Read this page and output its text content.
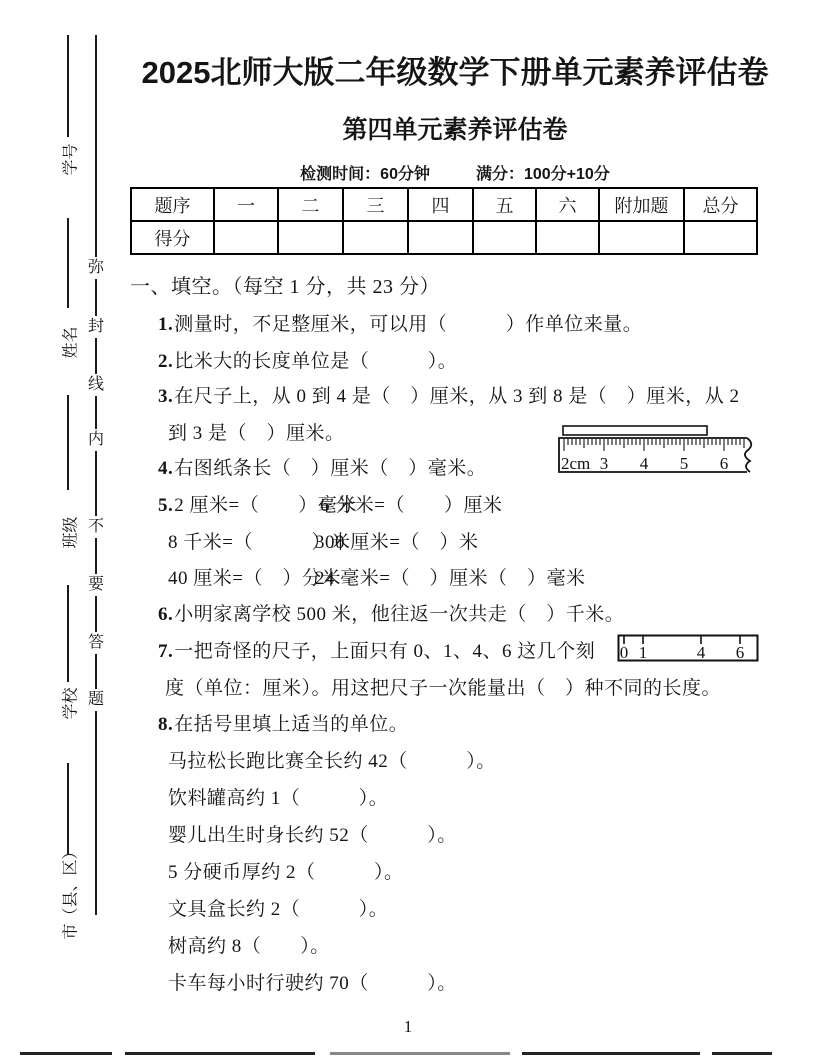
学号
姓名
班级
学校
市（县、区）
弥
封
线
内
不
要
答
题
2025北师大版二年级数学下册单元素养评估卷
第四单元素养评估卷
检测时间：60分钟	满分：100分+10分
题序	一	二	三	四	五	六	附加题	总分
得分								
一、填空。（每空 1 分，共 23 分）
1.测量时，不足整厘米，可以用（　　　）作单位来量。
2.比米大的长度单位是（　　　）。
3.在尺子上，从 0 到 4 是（　）厘米，从 3 到 8 是（　）厘米，从 2
到 3 是（　）厘米。
4.右图纸条长（　）厘米（　）毫米。
5.2 厘米=（　　）毫米
6 分米=（　　）厘米
8 千米=（　　　）米
300 厘米=（　）米
40 厘米=（　）分米
24 毫米=（　）厘米（　）毫米
6.小明家离学校 500 米，他往返一次共走（　）千米。
7.一把奇怪的尺子，上面只有 0、1、4、6 这几个刻
度（单位：厘米）。用这把尺子一次能量出（　）种不同的长度。
8.在括号里填上适当的单位。
马拉松长跑比赛全长约 42（　　　）。
饮料罐高约 1（　　　）。
婴儿出生时身长约 52（　　　）。
5 分硬币厚约 2（　　　）。
文具盒长约 2（　　　）。
树高约 8（　　）。
卡车每小时行驶约 70（　　　）。
2cm 3 4 5 6
0 1	4 6
1
